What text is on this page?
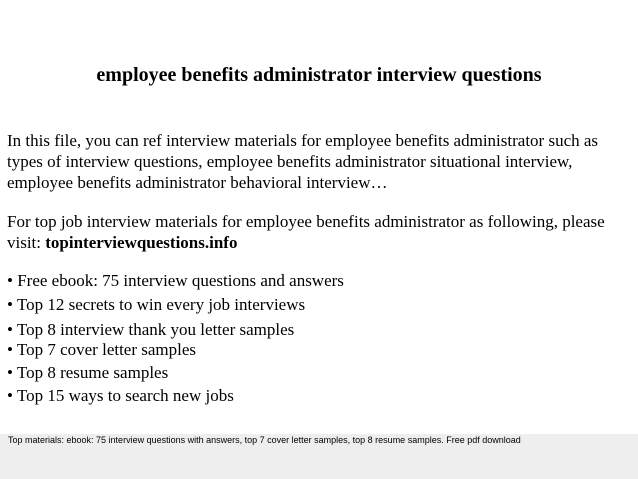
employee benefits administrator interview questions
In this file, you can ref interview materials for employee benefits administrator such as
types of interview questions, employee benefits administrator situational interview,
employee benefits administrator behavioral interview…
For top job interview materials for employee benefits administrator as following, please
visit: topinterviewquestions.info
• Free ebook: 75 interview questions and answers
• Top 12 secrets to win every job interviews
• Top 8 interview thank you letter samples
• Top 7 cover letter samples
• Top 8 resume samples
• Top 15 ways to search new jobs
Top materials: ebook: 75 interview questions with answers, top 7 cover letter samples, top 8 resume samples. Free pdf download
